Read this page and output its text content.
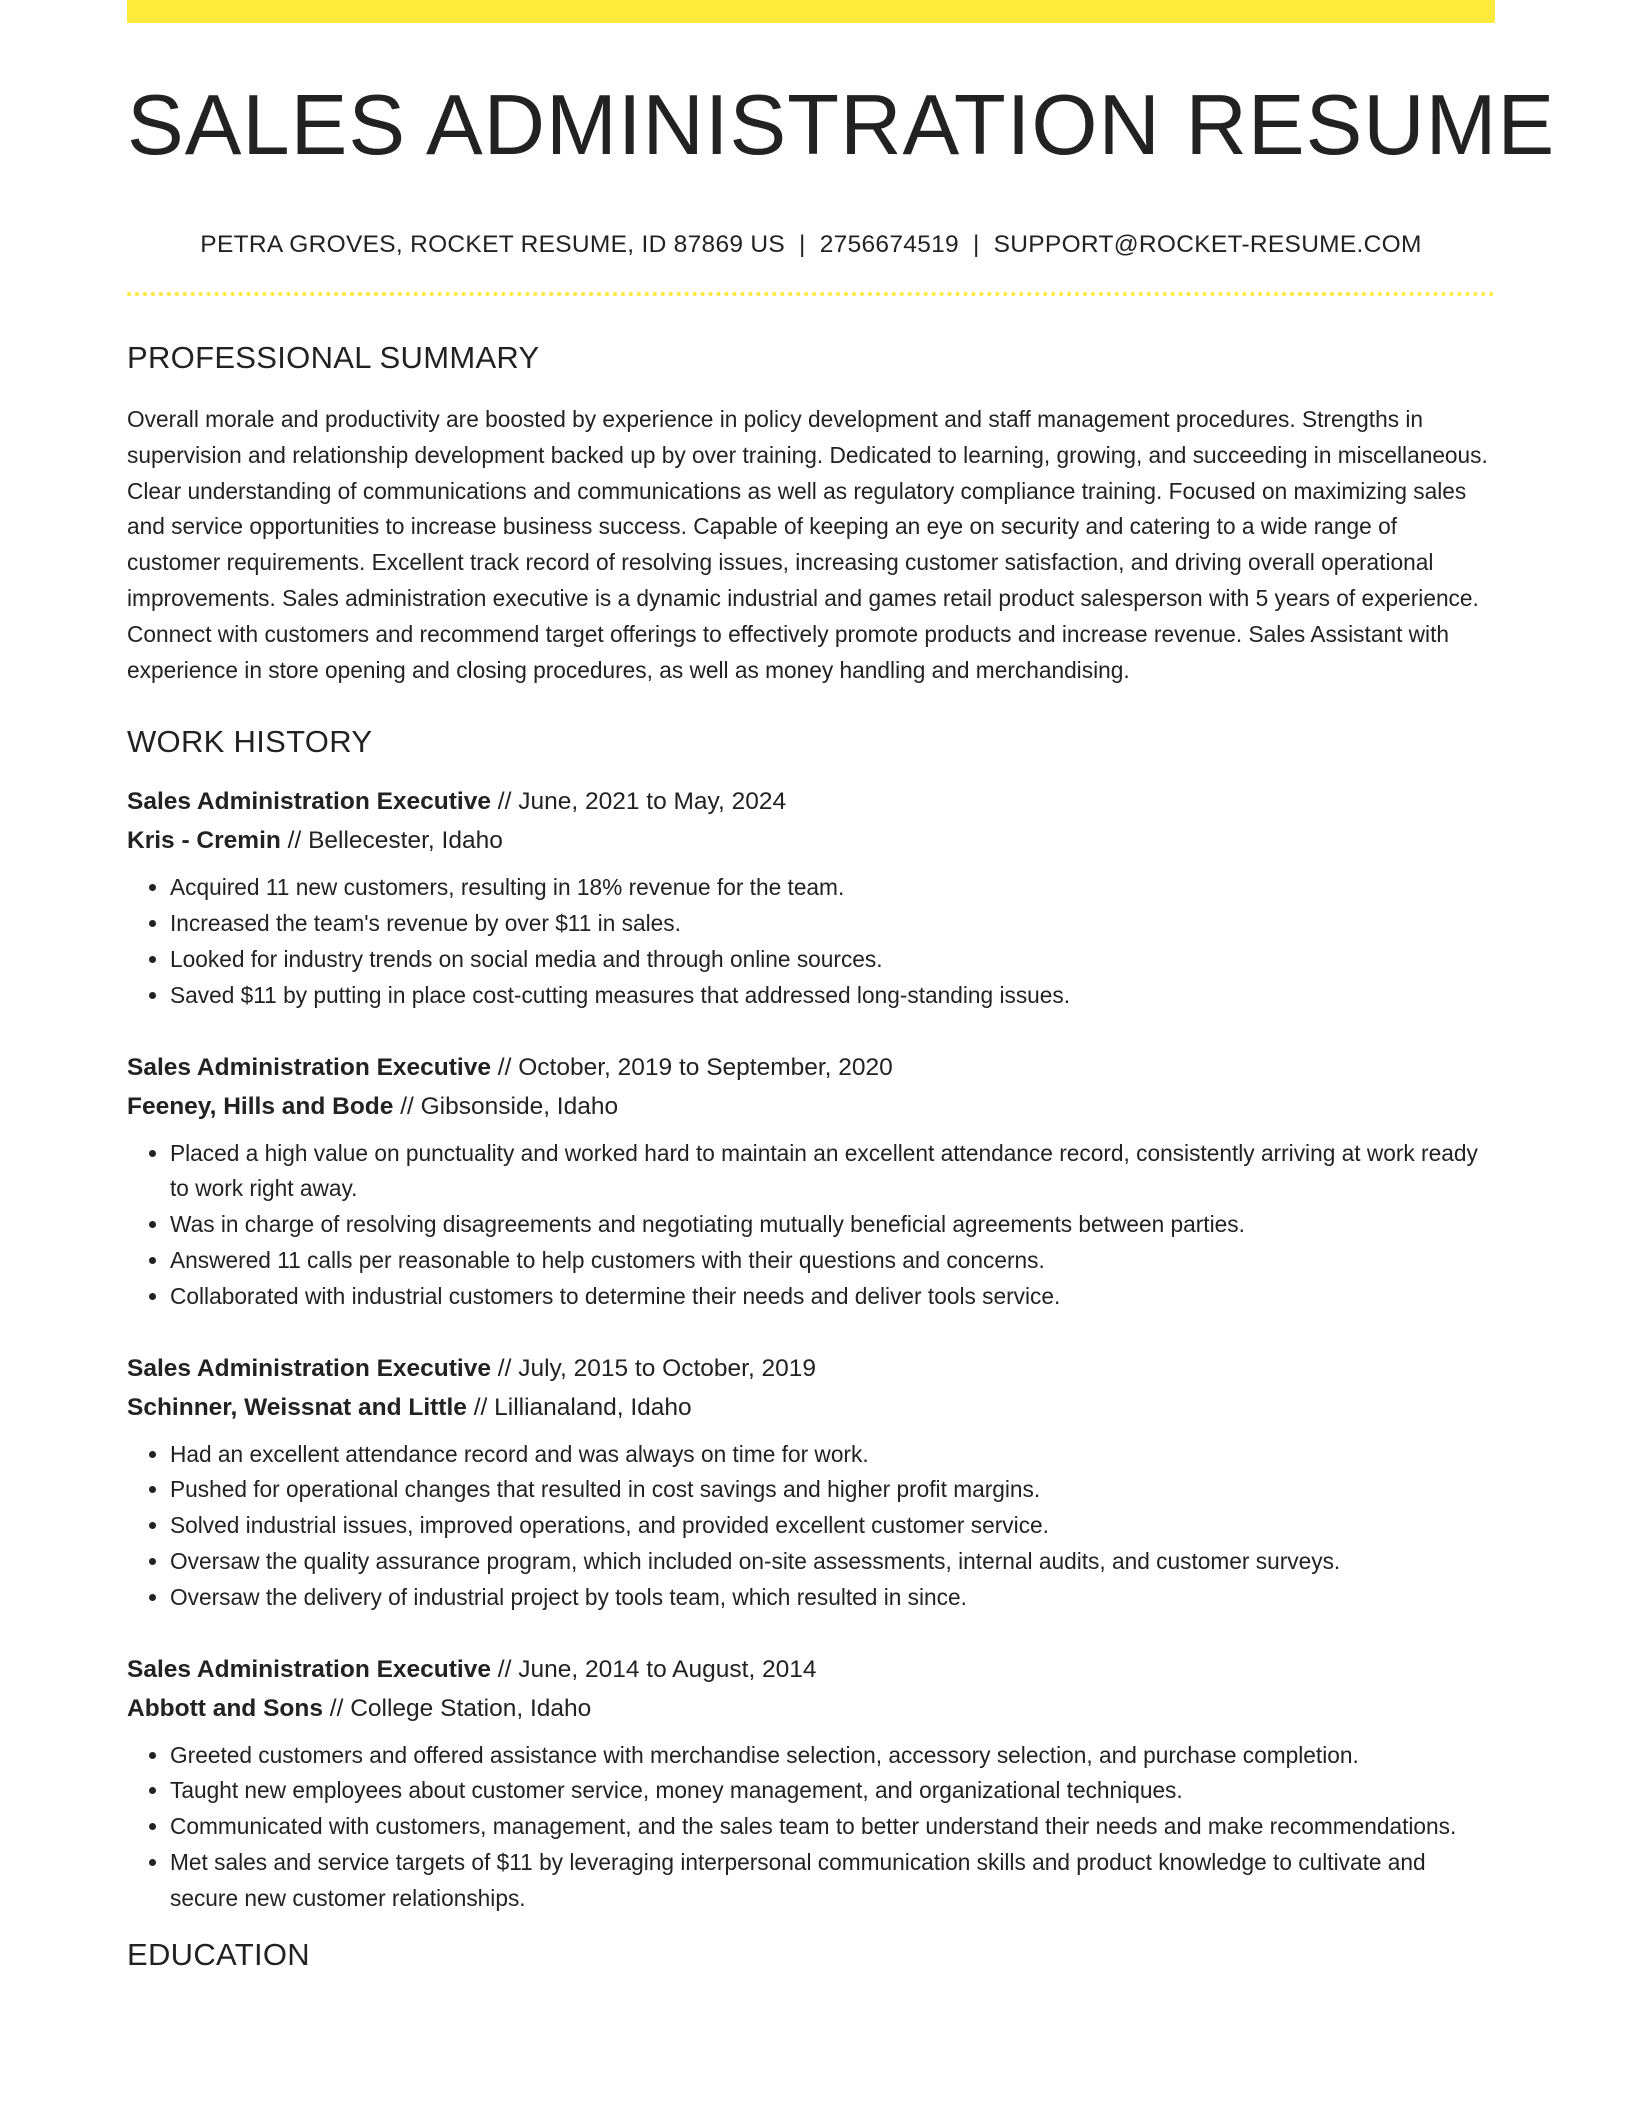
SALES ADMINISTRATION RESUME
PETRA GROVES, ROCKET RESUME, ID 87869 US | 2756674519 | SUPPORT@ROCKET-RESUME.COM
PROFESSIONAL SUMMARY

Overall morale and productivity are boosted by experience in policy development and staff management procedures. Strengths in supervision and relationship development backed up by over training. Dedicated to learning, growing, and succeeding in miscellaneous. Clear understanding of communications and communications as well as regulatory compliance training. Focused on maximizing sales and service opportunities to increase business success. Capable of keeping an eye on security and catering to a wide range of customer requirements. Excellent track record of resolving issues, increasing customer satisfaction, and driving overall operational improvements. Sales administration executive is a dynamic industrial and games retail product salesperson with 5 years of experience. Connect with customers and recommend target offerings to effectively promote products and increase revenue. Sales Assistant with experience in store opening and closing procedures, as well as money handling and merchandising.

WORK HISTORY
Sales Administration Executive // June, 2021 to May, 2024
Kris - Cremin // Bellecester, Idaho
• Acquired 11 new customers, resulting in 18% revenue for the team.
• Increased the team's revenue by over $11 in sales.
• Looked for industry trends on social media and through online sources.
• Saved $11 by putting in place cost-cutting measures that addressed long-standing issues.
Sales Administration Executive // October, 2019 to September, 2020
Feeney, Hills and Bode // Gibsonside, Idaho
• Placed a high value on punctuality and worked hard to maintain an excellent attendance record, consistently arriving at work ready to work right away.
• Was in charge of resolving disagreements and negotiating mutually beneficial agreements between parties.
• Answered 11 calls per reasonable to help customers with their questions and concerns.
• Collaborated with industrial customers to determine their needs and deliver tools service.
Sales Administration Executive // July, 2015 to October, 2019
Schinner, Weissnat and Little // Lillianaland, Idaho
• Had an excellent attendance record and was always on time for work.
• Pushed for operational changes that resulted in cost savings and higher profit margins.
• Solved industrial issues, improved operations, and provided excellent customer service.
• Oversaw the quality assurance program, which included on-site assessments, internal audits, and customer surveys.
• Oversaw the delivery of industrial project by tools team, which resulted in since.
Sales Administration Executive // June, 2014 to August, 2014
Abbott and Sons // College Station, Idaho
• Greeted customers and offered assistance with merchandise selection, accessory selection, and purchase completion.
• Taught new employees about customer service, money management, and organizational techniques.
• Communicated with customers, management, and the sales team to better understand their needs and make recommendations.
• Met sales and service targets of $11 by leveraging interpersonal communication skills and product knowledge to cultivate and secure new customer relationships.
EDUCATION
